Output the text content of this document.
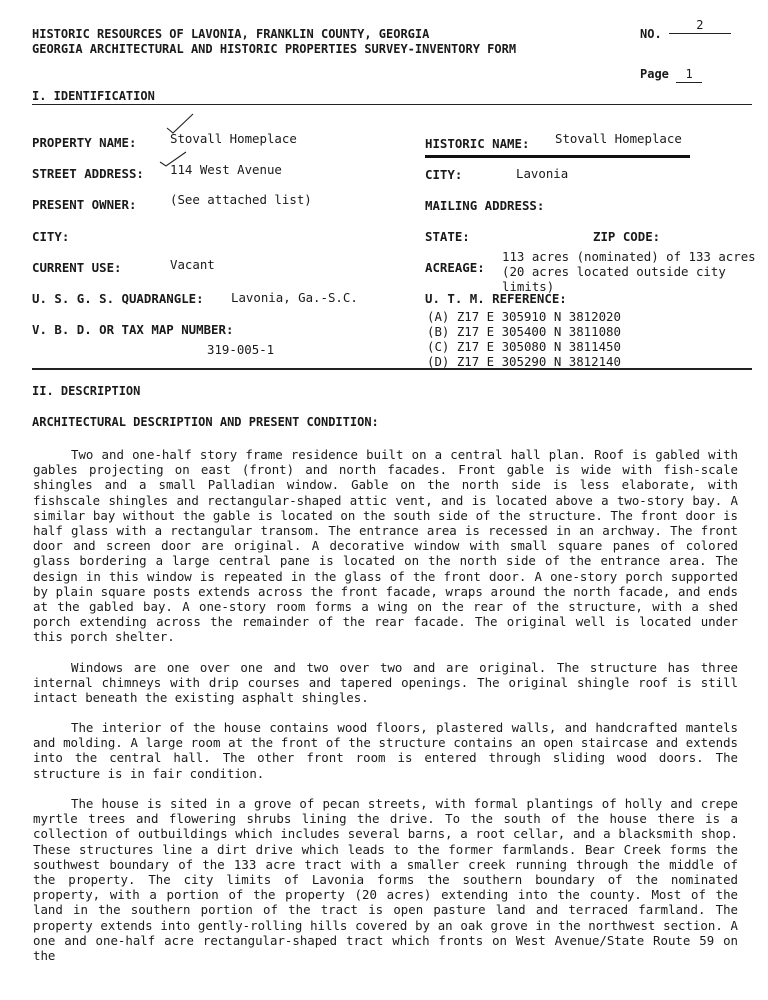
HISTORIC RESOURCES OF LAVONIA, FRANKLIN COUNTY, GEORGIA
GEORGIA ARCHITECTURAL AND HISTORIC PROPERTIES SURVEY-INVENTORY FORM
NO. 2
Page 1
I. IDENTIFICATION
PROPERTY NAME:	Stovall Homeplace
STREET ADDRESS: 114 West Avenue
PRESENT OWNER:	(See attached list)
CITY:
CURRENT USE:	Vacant
U. S. G. S. QUADRANGLE: Lavonia, Ga.-S.C.
V. B. D. OR TAX MAP NUMBER:
319-005-1
HISTORIC NAME: Stovall Homeplace
CITY:	Lavonia
MAILING ADDRESS:
STATE:	ZIP CODE:
ACREAGE:
113 acres (nominated) of 133 acres
(20 acres located outside city
limits)
U. T. M. REFERENCE:
(A) Z17 E 305910 N 3812020
(B) Z17 E 305400 N 3811080
(C) Z17 E 305080 N 3811450
(D) Z17 E 305290 N 3812140
II. DESCRIPTION
ARCHITECTURAL DESCRIPTION AND PRESENT CONDITION:
Two and one-half story frame residence built on a central hall plan. Roof is gabled with gables projecting on east (front) and north facades. Front gable is wide with fish-scale shingles and a small Palladian window. Gable on the north side is less elaborate, with fishscale shingles and rectangular-shaped attic vent, and is located above a two-story bay. A similar bay without the gable is located on the south side of the structure. The front door is half glass with a rectangular transom. The entrance area is recessed in an archway. The front door and screen door are original. A decorative window with small square panes of colored glass bordering a large central pane is located on the north side of the entrance area. The design in this window is repeated in the glass of the front door. A one-story porch supported by plain square posts extends across the front facade, wraps around the north facade, and ends at the gabled bay. A one-story room forms a wing on the rear of the structure, with a shed porch extending across the remainder of the rear facade. The original well is located under this porch shelter.
Windows are one over one and two over two and are original. The structure has three internal chimneys with drip courses and tapered openings. The original shingle roof is still intact beneath the existing asphalt shingles.
The interior of the house contains wood floors, plastered walls, and handcrafted mantels and molding. A large room at the front of the structure contains an open staircase and extends into the central hall. The other front room is entered through sliding wood doors. The structure is in fair condition.
The house is sited in a grove of pecan streets, with formal plantings of holly and crepe myrtle trees and flowering shrubs lining the drive. To the south of the house there is a collection of outbuildings which includes several barns, a root cellar, and a blacksmith shop. These structures line a dirt drive which leads to the former farmlands. Bear Creek forms the southwest boundary of the 133 acre tract with a smaller creek running through the middle of the property. The city limits of Lavonia forms the southern boundary of the nominated property, with a portion of the property (20 acres) extending into the county. Most of the land in the southern portion of the tract is open pasture land and terraced farmland. The property extends into gently-rolling hills covered by an oak grove in the northwest section. A one and one-half acre rectangular-shaped tract which fronts on West Avenue/State Route 59 on the
